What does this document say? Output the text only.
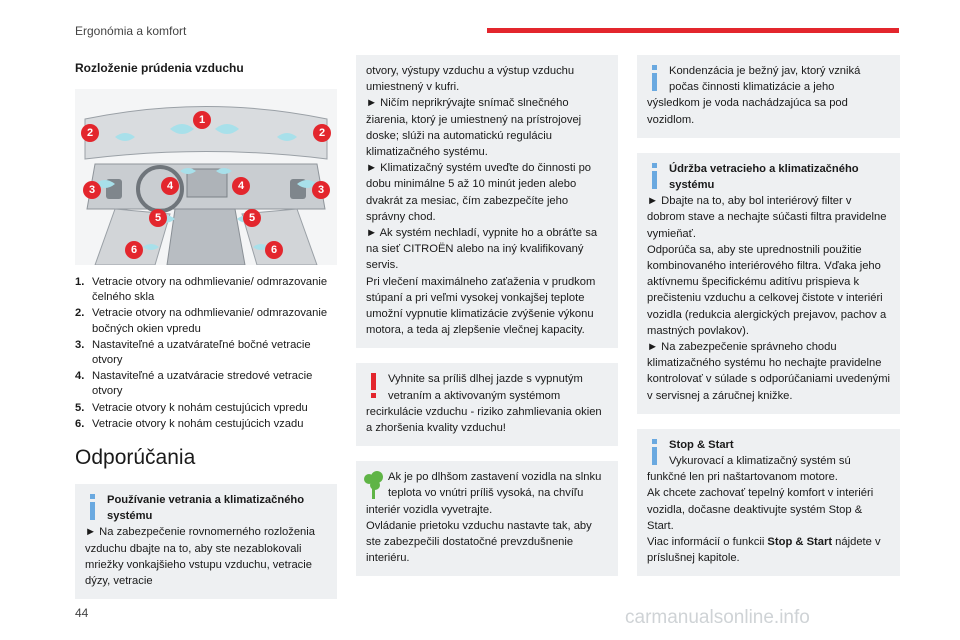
Ergonómia a komfort
Rozloženie prúdenia vzduchu
1
2	2
3	3
4	4
5	5
6	6
1. Vetracie otvory na odhmlievanie/ odmrazovanie čelného skla
2. Vetracie otvory na odhmlievanie/ odmrazovanie bočných okien vpredu
3. Nastaviteľné a uzatvárateľné bočné vetracie otvory
4. Nastaviteľné a uzatváracie stredové vetracie otvory
5. Vetracie otvory k nohám cestujúcich vpredu
6. Vetracie otvory k nohám cestujúcich vzadu
Odporúčania

Používanie vetrania a klimatizačného systému

► Na zabezpečenie rovnomerného rozloženia vzduchu dbajte na to, aby ste nezablokovali mriežky vonkajšieho vstupu vzduchu, vetracie dýzy, vetracie

otvory, výstupy vzduchu a výstup vzduchu umiestnený v kufri.

► Ničím neprikrývajte snímač slnečného žiarenia, ktorý je umiestnený na prístrojovej doske; slúži na automatickú reguláciu klimatizačného systému.

► Klimatizačný systém uveďte do činnosti po dobu minimálne 5 až 10 minút jeden alebo dvakrát za mesiac, čím zabezpečíte jeho správny chod.

► Ak systém nechladí, vypnite ho a obráťte sa na sieť CITROËN alebo na iný kvalifikovaný servis.

Pri vlečení maximálneho zaťaženia v prudkom stúpaní a pri veľmi vysokej vonkajšej teplote umožní vypnutie klimatizácie zvýšenie výkonu motora, a teda aj zlepšenie vlečnej kapacity.

Vyhnite sa príliš dlhej jazde s vypnutým vetraním a aktivovaným systémom recirkulácie vzduchu - riziko zahmlievania okien a zhoršenia kvality vzduchu!

Ak je po dlhšom zastavení vozidla na slnku teplota vo vnútri príliš vysoká, na chvíľu interiér vozidla vyvetrajte.

Ovládanie prietoku vzduchu nastavte tak, aby ste zabezpečili dostatočné prevzdušnenie interiéru.

Kondenzácia je bežný jav, ktorý vzniká počas činnosti klimatizácie a jeho výsledkom je voda nachádzajúca sa pod vozidlom.

Údržba vetracieho a klimatizačného systému

► Dbajte na to, aby bol interiérový filter v dobrom stave a nechajte súčasti filtra pravidelne vymieňať.

Odporúča sa, aby ste uprednostnili použitie kombinovaného interiérového filtra. Vďaka jeho aktívnemu špecifickému aditívu prispieva k prečisteniu vzduchu a celkovej čistote v interiéri vozidla (redukcia alergických prejavov, pachov a mastných povlakov).

► Na zabezpečenie správneho chodu klimatizačného systému ho nechajte pravidelne kontrolovať v súlade s odporúčaniami uvedenými v servisnej a záručnej knižke.

Stop & Start

Vykurovací a klimatizačný systém sú funkčné len pri naštartovanom motore.

Ak chcete zachovať tepelný komfort v interiéri vozidla, dočasne deaktivujte systém Stop & Start.

Viac informácií o funkcii Stop & Start nájdete v príslušnej kapitole.

44	carmanualsonline.info
